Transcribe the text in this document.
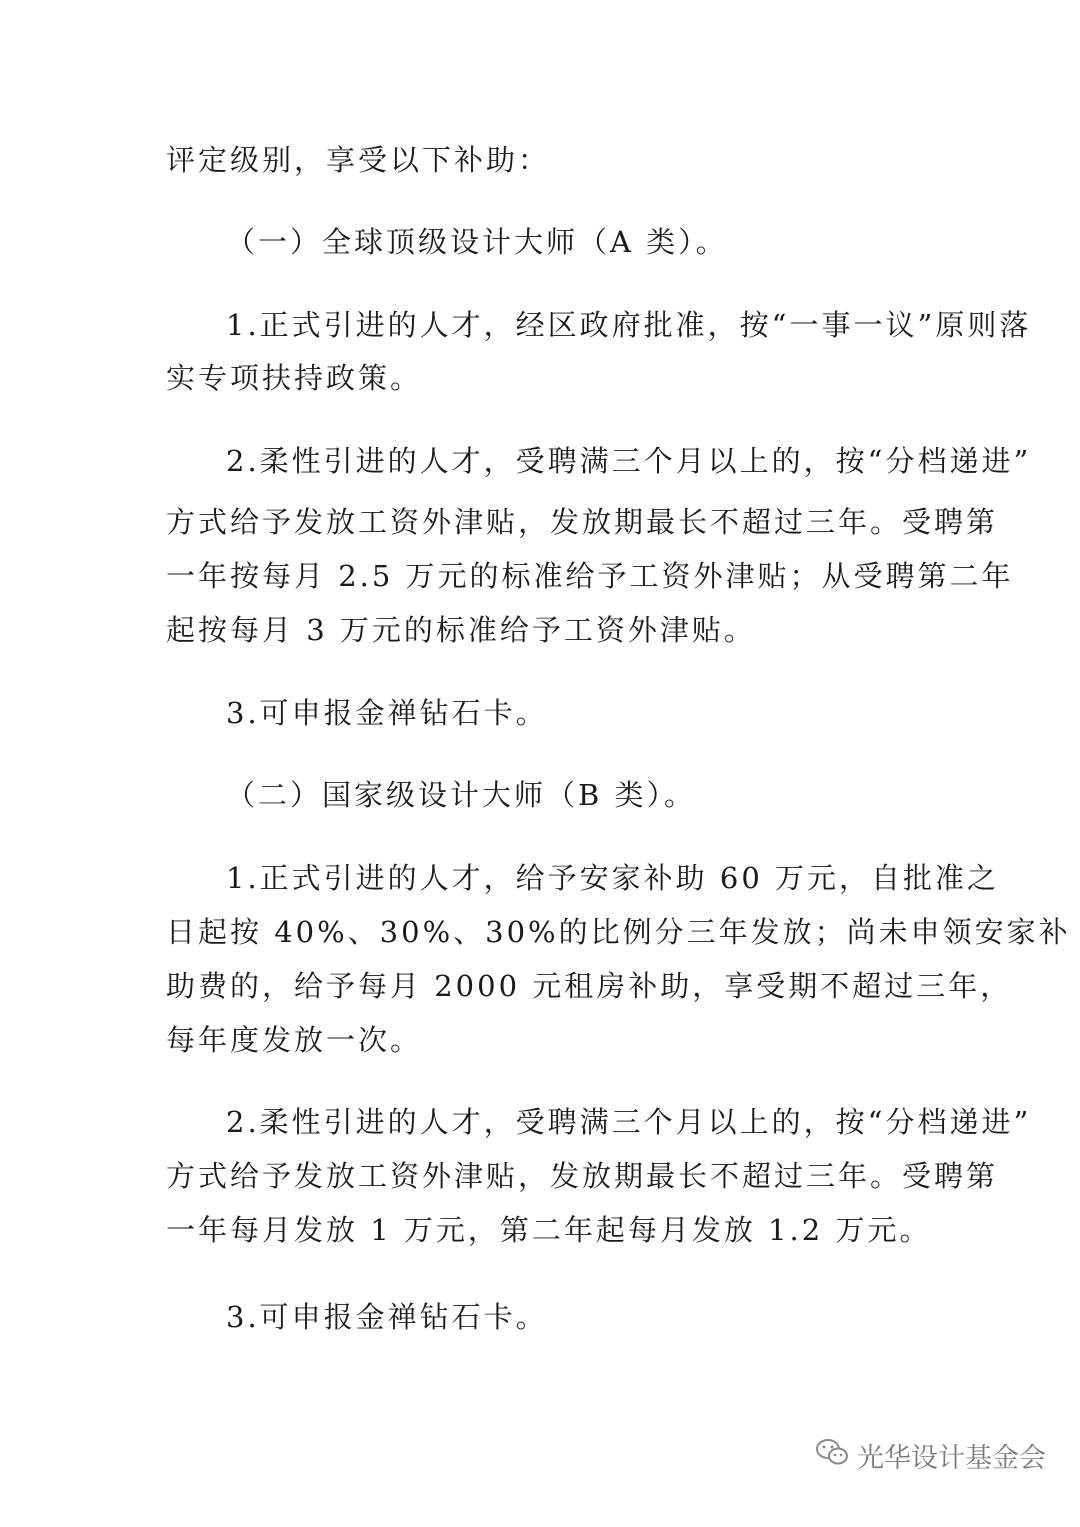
评定级别，享受以下补助：
（一）全球顶级设计大师（A 类）。
1.正式引进的人才，经区政府批准，按“一事一议”原则落
实专项扶持政策。
2.柔性引进的人才，受聘满三个月以上的，按“分档递进”
方式给予发放工资外津贴，发放期最长不超过三年。受聘第
一年按每月 2.5 万元的标准给予工资外津贴；从受聘第二年
起按每月 3 万元的标准给予工资外津贴。
3.可申报金禅钻石卡。
（二）国家级设计大师（B 类）。
1.正式引进的人才，给予安家补助 60 万元，自批准之
日起按 40%、30%、30%的比例分三年发放；尚未申领安家补
助费的，给予每月 2000 元租房补助，享受期不超过三年，
每年度发放一次。
2.柔性引进的人才，受聘满三个月以上的，按“分档递进”
方式给予发放工资外津贴，发放期最长不超过三年。受聘第
一年每月发放 1 万元，第二年起每月发放 1.2 万元。
3.可申报金禅钻石卡。
光华设计基金会
